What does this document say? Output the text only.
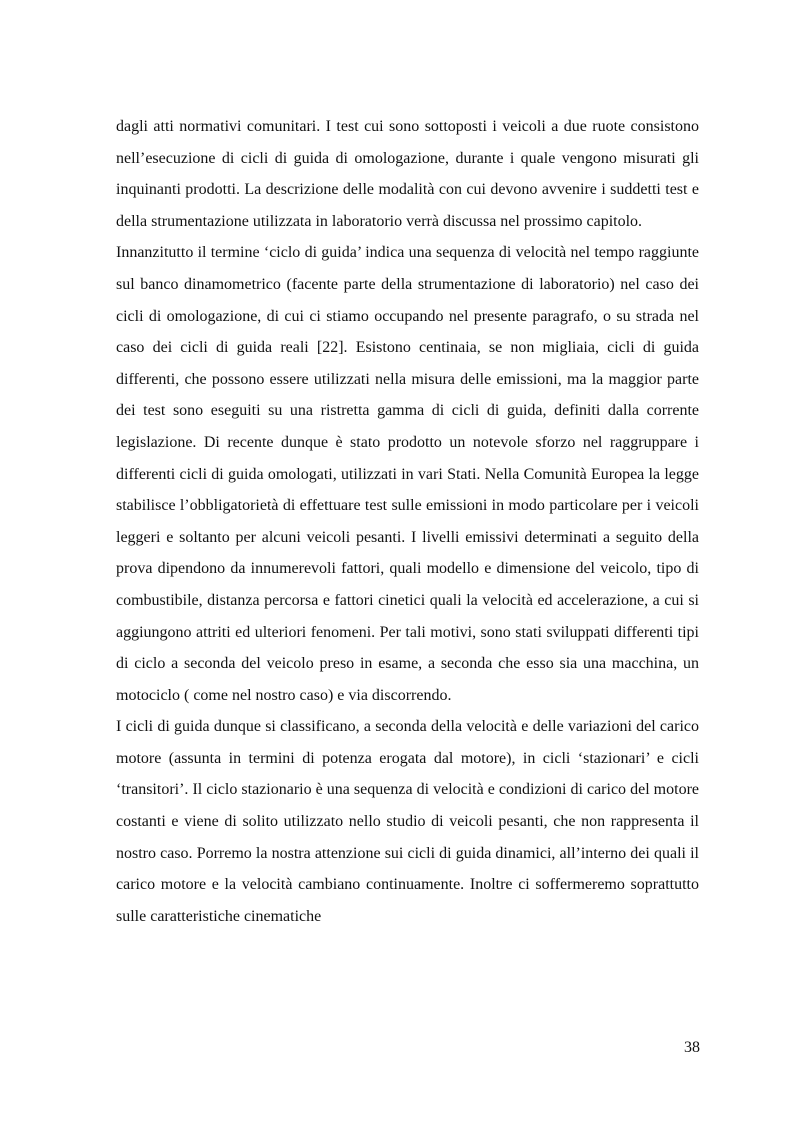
dagli atti normativi comunitari. I test cui sono sottoposti i veicoli a due ruote consistono nell’esecuzione di cicli di guida di omologazione, durante i quale vengono misurati gli inquinanti prodotti. La descrizione delle modalità con cui devono avvenire i suddetti test e della strumentazione utilizzata in laboratorio verrà discussa nel prossimo capitolo.

Innanzitutto il termine ‘ciclo di guida’ indica una sequenza di velocità nel tempo raggiunte sul banco dinamometrico (facente parte della strumentazione di laboratorio) nel caso dei cicli di omologazione, di cui ci stiamo occupando nel presente paragrafo, o su strada nel caso dei cicli di guida reali [22]. Esistono centinaia, se non migliaia, cicli di guida differenti, che possono essere utilizzati nella misura delle emissioni, ma la maggior parte dei test sono eseguiti su una ristretta gamma di cicli di guida, definiti dalla corrente legislazione. Di recente dunque è stato prodotto un notevole sforzo nel raggruppare i differenti cicli di guida omologati, utilizzati in vari Stati. Nella Comunità Europea la legge stabilisce l’obbligatorietà di effettuare test sulle emissioni in modo particolare per i veicoli leggeri e soltanto per alcuni veicoli pesanti. I livelli emissivi determinati a seguito della prova dipendono da innumerevoli fattori, quali modello e dimensione del veicolo, tipo di combustibile, distanza percorsa e fattori cinetici quali la velocità ed accelerazione, a cui si aggiungono attriti ed ulteriori fenomeni. Per tali motivi, sono stati sviluppati differenti tipi di ciclo a seconda del veicolo preso in esame, a seconda che esso sia una macchina, un motociclo ( come nel nostro caso) e via discorrendo.

I cicli di guida dunque si classificano, a seconda della velocità e delle variazioni del carico motore (assunta in termini di potenza erogata dal motore), in cicli ‘stazionari’ e cicli ‘transitori’. Il ciclo stazionario è una sequenza di velocità e condizioni di carico del motore costanti e viene di solito utilizzato nello studio di veicoli pesanti, che non rappresenta il nostro caso. Porremo la nostra attenzione sui cicli di guida dinamici, all’interno dei quali il carico motore e la velocità cambiano continuamente. Inoltre ci soffermeremo soprattutto sulle caratteristiche cinematiche

38
